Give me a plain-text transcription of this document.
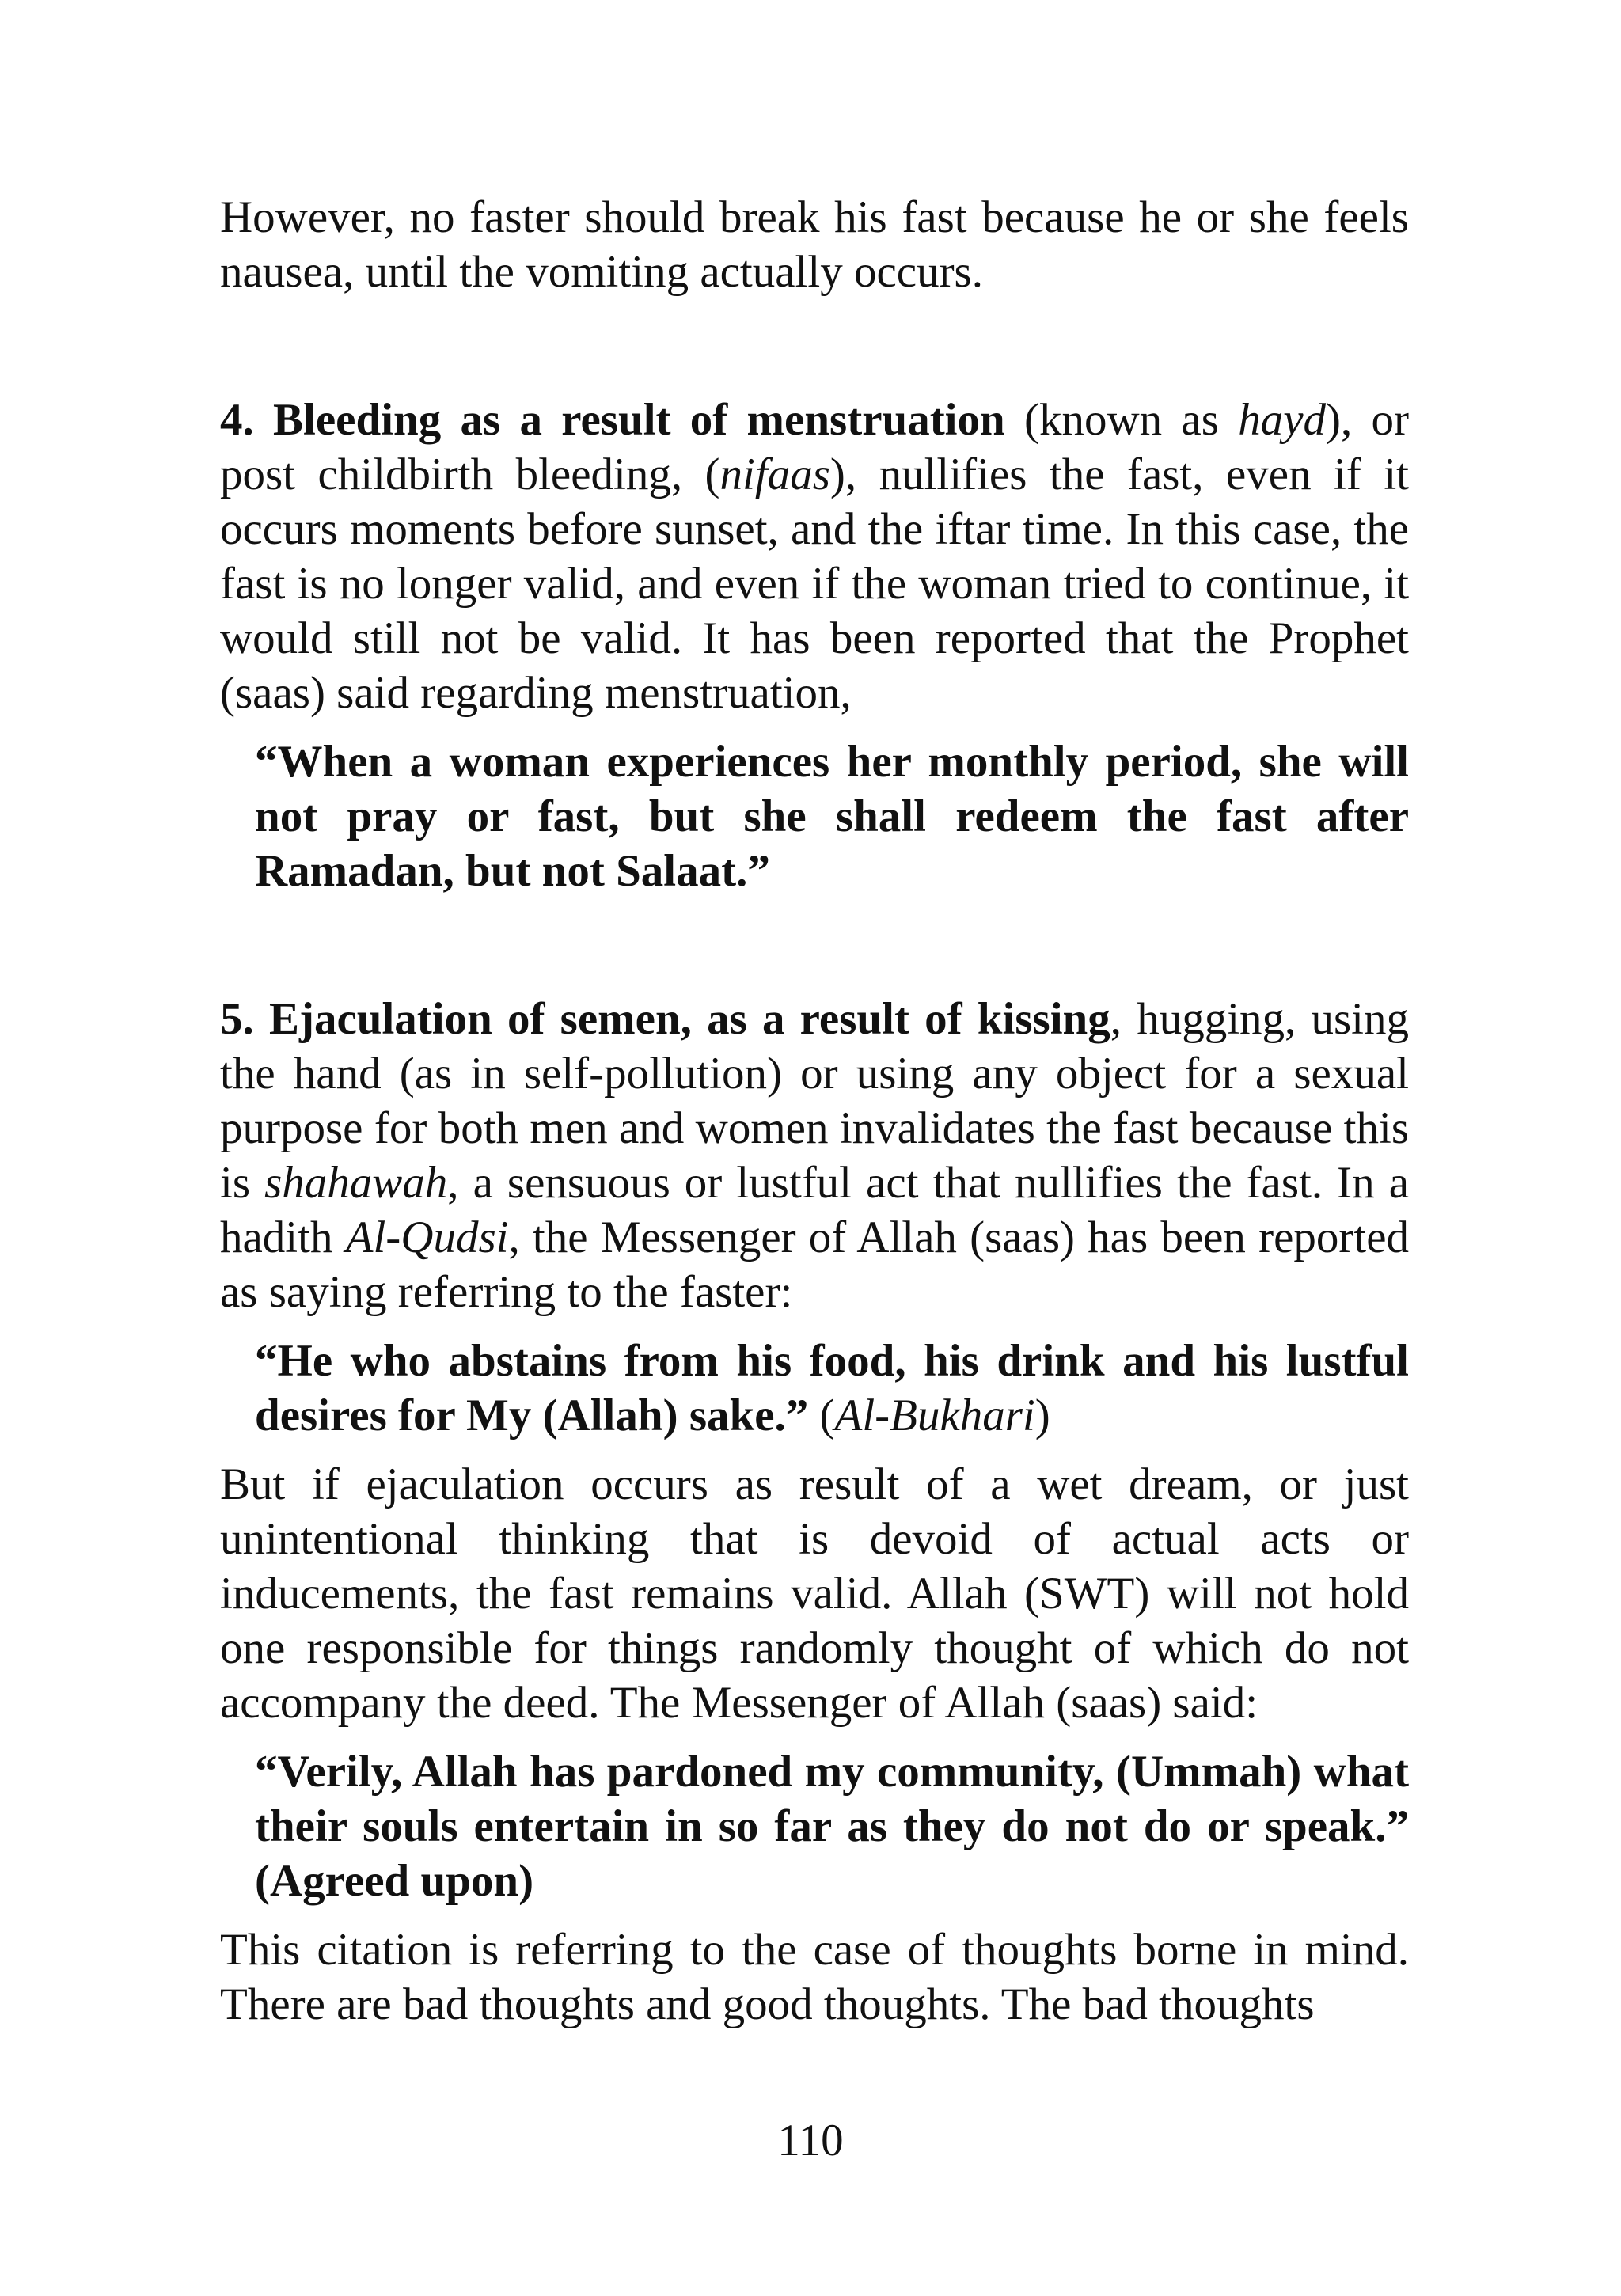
However, no faster should break his fast because he or she feels nausea, until the vomiting actually occurs.

4. Bleeding as a result of menstruation (known as hayd), or post childbirth bleeding, (nifaas), nullifies the fast, even if it occurs moments before sunset, and the iftar time. In this case, the fast is no longer valid, and even if the woman tried to continue, it would still not be valid. It has been reported that the Prophet (saas) said regarding menstruation,

“When a woman experiences her monthly period, she will not pray or fast, but she shall redeem the fast after Ramadan, but not Salaat.”

5. Ejaculation of semen, as a result of kissing, hugging, using the hand (as in self-pollution) or using any object for a sexual purpose for both men and women invalidates the fast because this is shahawah, a sensuous or lustful act that nullifies the fast. In a hadith Al-Qudsi, the Messenger of Allah (saas) has been reported as saying referring to the faster:

“He who abstains from his food, his drink and his lustful desires for My (Allah) sake.” (Al-Bukhari)

But if ejaculation occurs as result of a wet dream, or just unintentional thinking that is devoid of actual acts or inducements, the fast remains valid. Allah (SWT) will not hold one responsible for things randomly thought of which do not accompany the deed. The Messenger of Allah (saas) said:

“Verily, Allah has pardoned my community, (Ummah) what their souls entertain in so far as they do not do or speak.” (Agreed upon)

This citation is referring to the case of thoughts borne in mind. There are bad thoughts and good thoughts. The bad thoughts

110
